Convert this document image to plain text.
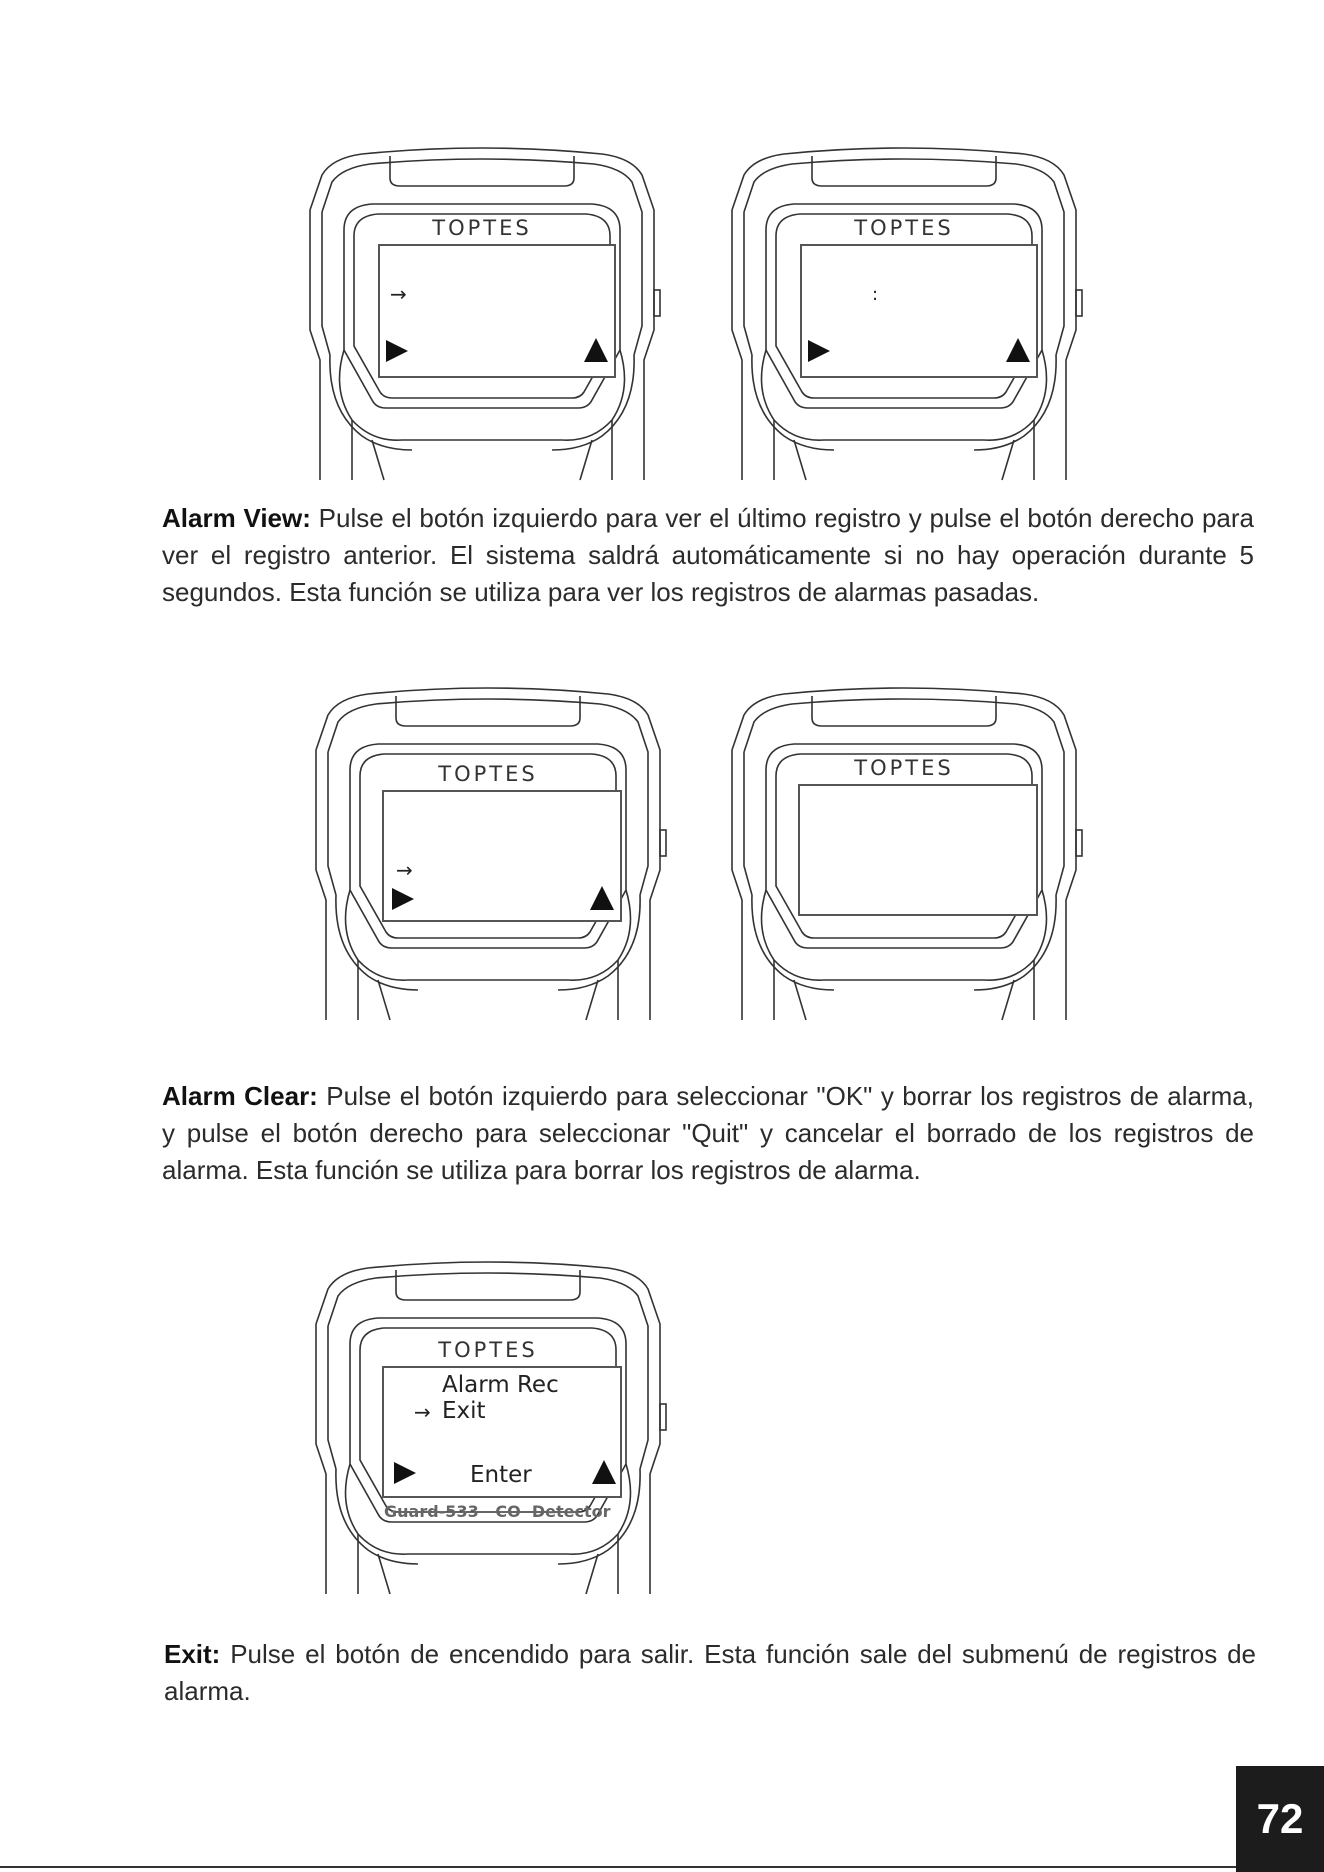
TOPTES
→
TOPTES
:
TOPTES
→
TOPTES
TOPTES
Alarm Rec
→ Exit
Enter
Guard-533   CO  Detector
Alarm View: Pulse el botón izquierdo para ver el último registro y pulse el botón derecho para ver el registro anterior. El sistema saldrá automáticamente si no hay operación durante 5 segundos. Esta función se utiliza para ver los registros de alarmas pasadas.
Alarm Clear: Pulse el botón izquierdo para seleccionar "OK" y borrar los registros de alarma, y pulse el botón derecho para seleccionar "Quit" y cancelar el borrado de los registros de alarma. Esta función se utiliza para borrar los registros de alarma.
Exit: Pulse el botón de encendido para salir. Esta función sale del submenú de registros de alarma.
72
